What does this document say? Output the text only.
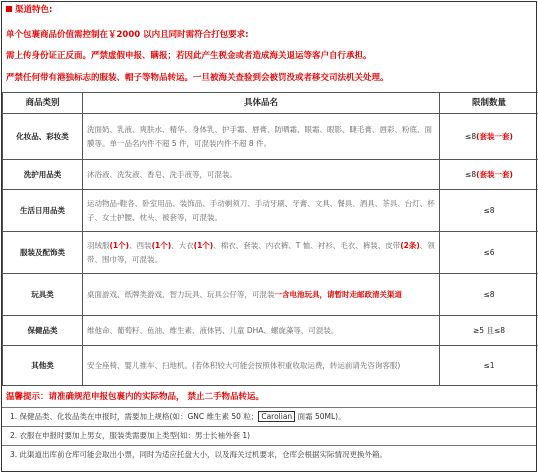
渠道特色:
单个包裹商品价值需控制在￥2000 以内且同时需符合打包要求:
需上传身份证正反面。严禁虚假申报、瞒报；若因此产生税金或者造成海关退运等客户自行承担。
严禁任何带有港独标志的服装、帽子等物品转运。一旦被海关查验到会被罚没或者移交司法机关处理。
商品类别	具体品名	限制数量
化妆品、彩妆类	洗面奶、乳液、爽肤水、精华、身体乳、护手霜、唇膏、防晒霜、眼霜、眼影、睫毛膏、唇彩、粉底、面膜等。单一品名内件不超 5 件，可混装内件不超 8 件。	≤8(套装一套)
洗护用品类	沐浴液、洗发液、香皂、洗手液等，可混装。	≤8(套装一套)
生活日用品类	运动物品-鞋各、卧室用品、装饰品、手动剃须刀、手动牙刷、牙膏、文具、餐具、酒具、茶具、台灯、杯子、女士护腰、枕头、被套等，可混装。	≤8
服装及配饰类	羽绒服(1个)、西装(1个)、大衣(1个)、棉衣、套装、内衣裤、T 恤、衬衫、毛衣、裤装、皮带(2条)、领带、围巾等，可混装。	≤6
玩具类	桌面游戏、纸牌类游戏、智力玩具、玩具公仔等，可混装一含电池玩具，请暂时走邮政清关渠道	≤8
保健品类	维他命、葡萄籽、鱼油、维生素、液体钙、儿童 DHA、螺旋藻等，可混装。	≥5 且≤8
其他类	安全座椅、婴儿推车、扫地机。(若体积较大可能会按照体积重收取运费，转运前请先咨询客服)	≤1
温馨提示：请准确规范申报包裹内的实际物品， 禁止二手物品转运。
1. 保健品类、化妆品类在申报时，需要加上规格(如：GNC 维生素 50 粒； Carolian 面霜 50ML)。
2. 衣服在申报时要加上男女，服装类需要加上类型(如：男士长袖外套 1)
3. 此渠道出库前仓库可能会取出小票，同时为适应托盘大小，以及海关过机要求，仓库会根据实际情况更换外箱。
